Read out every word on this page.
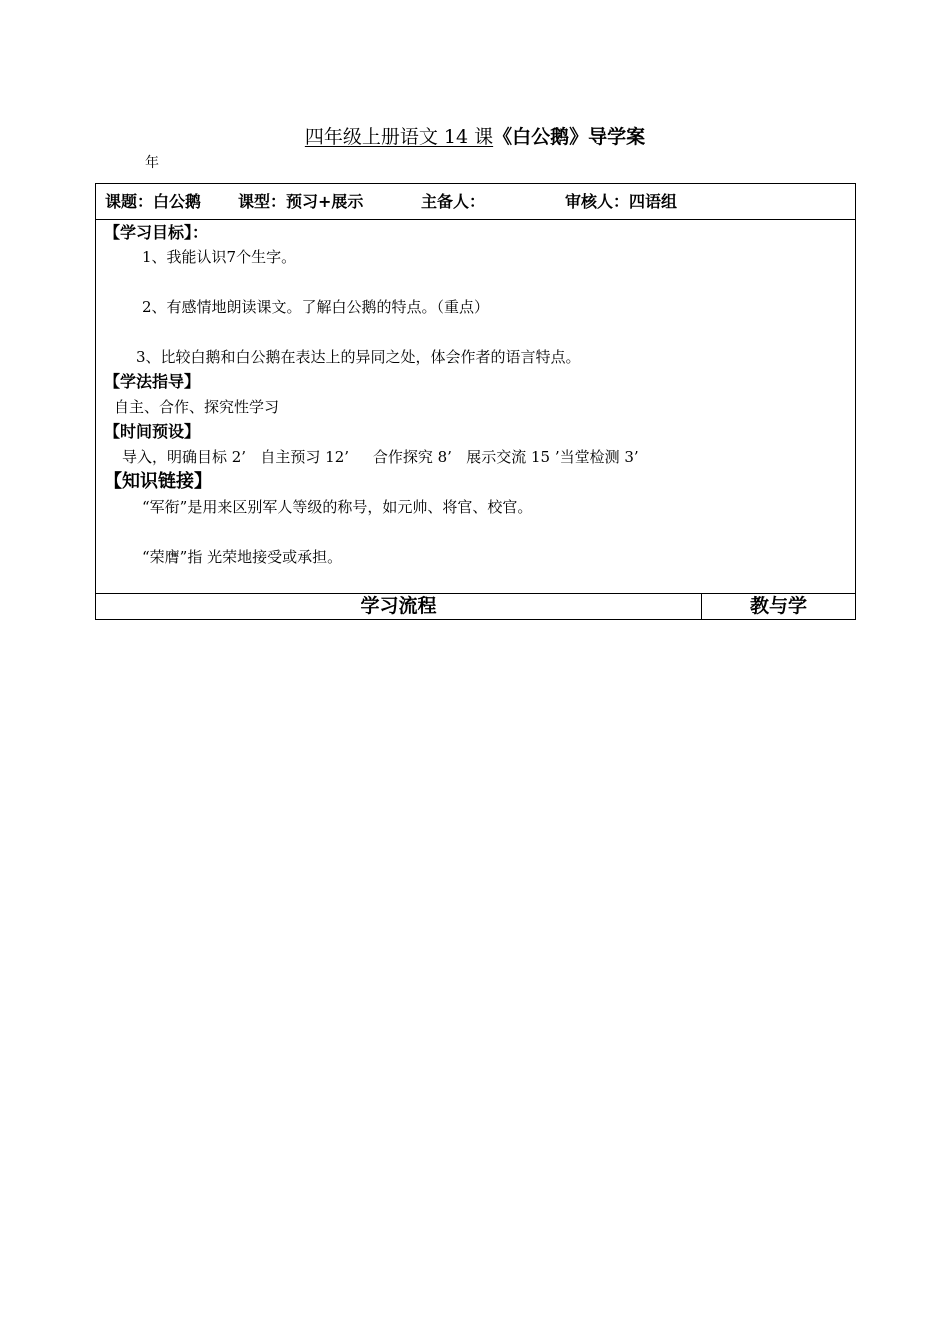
四年级上册语文 14 课《白公鹅》导学案
年
课题：白公鹅 课型：预习+展示	主备人：	审核人：四语组
【学习目标】：
1、我能认识7个生字。
2、有感情地朗读课文。了解白公鹅的特点。（重点）
3、比较白鹅和白公鹅在表达上的异同之处，体会作者的语言特点。
【学法指导】
自主、合作、探究性学习
【时间预设】
导入，明确目标 2’   自主预习 12’     合作探究 8’   展示交流 15 ’当堂检测 3’
【知识链接】
“军衔”是用来区别军人等级的称号，如元帅、将官、校官。
“荣膺”指 光荣地接受或承担。
学习流程	教与学
